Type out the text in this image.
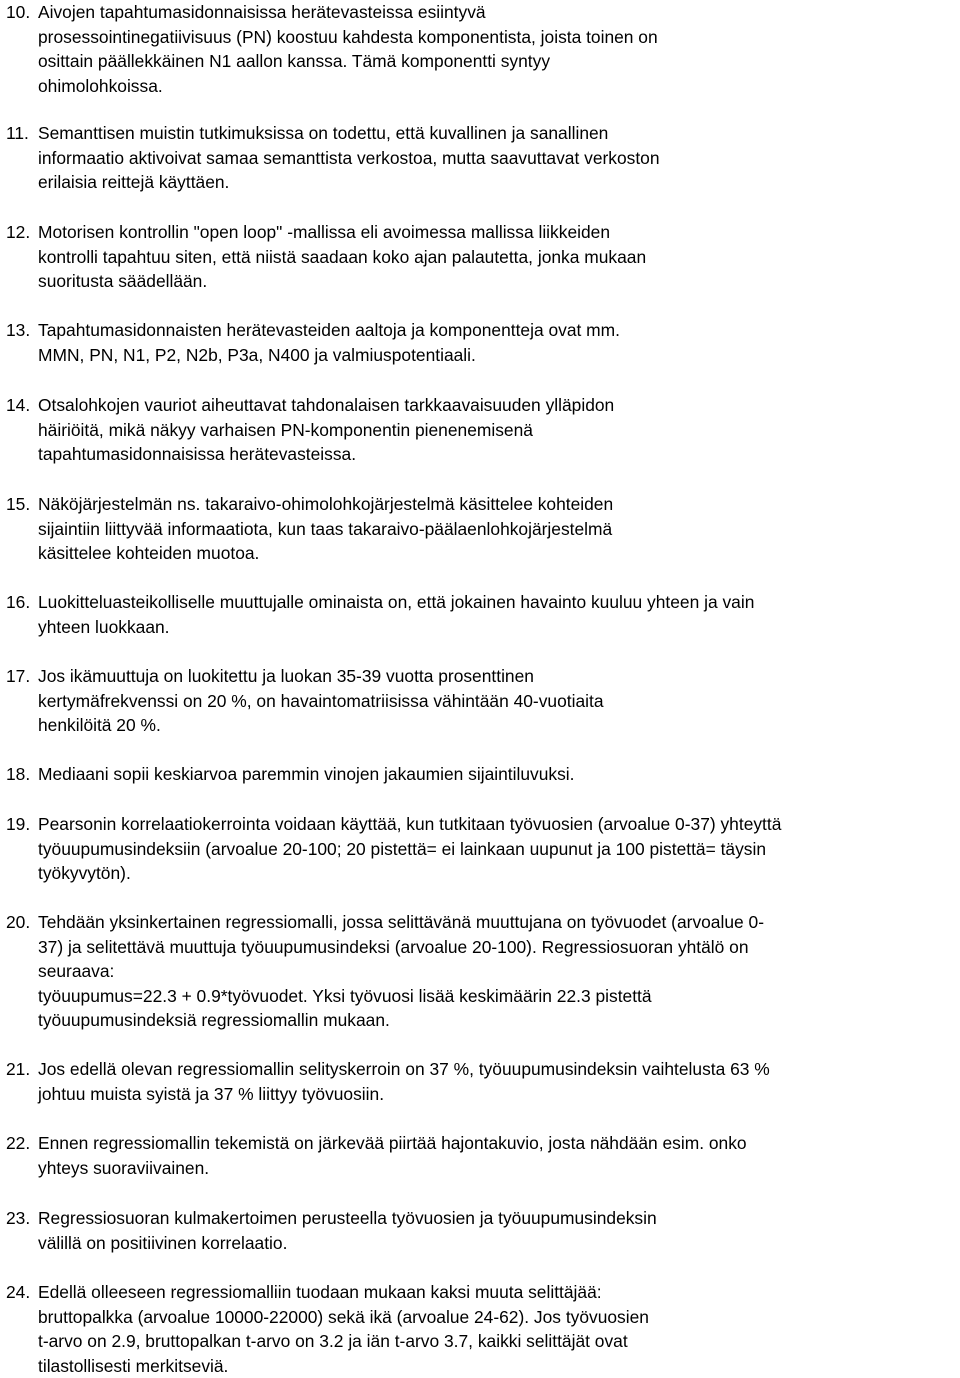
10. Aivojen tapahtumasidonnaisissa herätevasteissa esiintyvä
prosessointinegatiivisuus (PN) koostuu kahdesta komponentista, joista toinen on
osittain päällekkäinen N1 aallon kanssa. Tämä komponentti syntyy
ohimolohkoissa.
11. Semanttisen muistin tutkimuksissa on todettu, että kuvallinen ja sanallinen
informaatio aktivoivat samaa semanttista verkostoa, mutta saavuttavat verkoston
erilaisia reittejä käyttäen.
12. Motorisen kontrollin "open loop" -mallissa eli avoimessa mallissa liikkeiden
kontrolli tapahtuu siten, että niistä saadaan koko ajan palautetta, jonka mukaan
suoritusta säädellään.
13. Tapahtumasidonnaisten herätevasteiden aaltoja ja komponentteja ovat mm.
MMN, PN, N1, P2, N2b, P3a, N400 ja valmiuspotentiaali.
14. Otsalohkojen vauriot aiheuttavat tahdonalaisen tarkkaavaisuuden ylläpidon
häiriöitä, mikä näkyy varhaisen PN-komponentin pienenemisenä
tapahtumasidonnaisissa herätevasteissa.
15. Näköjärjestelmän ns. takaraivo-ohimolohkojärjestelmä käsittelee kohteiden
sijaintiin liittyvää informaatiota, kun taas takaraivo-päälaenlohkojärjestelmä
käsittelee kohteiden muotoa.
16. Luokitteluasteikolliselle muuttujalle ominaista on, että jokainen havainto kuuluu yhteen ja vain
yhteen luokkaan.
17. Jos ikämuuttuja on luokitettu ja luokan 35-39 vuotta prosenttinen
kertymäfrekvenssi on 20 %, on havaintomatriisissa vähintään 40-vuotiaita
henkilöitä 20 %.
18. Mediaani sopii keskiarvoa paremmin vinojen jakaumien sijaintiluvuksi.
19. Pearsonin korrelaatiokerrointa voidaan käyttää, kun tutkitaan työvuosien (arvoalue 0-37) yhteyttä
työuupumusindeksiin (arvoalue 20-100; 20 pistettä= ei lainkaan uupunut ja 100 pistettä= täysin
työkyvytön).
20. Tehdään yksinkertainen regressiomalli, jossa selittävänä muuttujana on työvuodet (arvoalue 0-
37) ja selitettävä muuttuja työuupumusindeksi (arvoalue 20-100). Regressiosuoran yhtälö on
seuraava:
työuupumus=22.3 + 0.9*työvuodet. Yksi työvuosi lisää keskimäärin 22.3 pistettä
työuupumusindeksiä regressiomallin mukaan.
21. Jos edellä olevan regressiomallin selityskerroin on 37 %, työuupumusindeksin vaihtelusta 63 %
johtuu muista syistä ja 37 % liittyy työvuosiin.
22. Ennen regressiomallin tekemistä on järkevää piirtää hajontakuvio, josta nähdään esim. onko
yhteys suoraviivainen.
23. Regressiosuoran kulmakertoimen perusteella työvuosien ja työuupumusindeksin
välillä on positiivinen korrelaatio.
24. Edellä olleeseen regressiomalliin tuodaan mukaan kaksi muuta selittäjää:
bruttopalkka (arvoalue 10000-22000) sekä ikä (arvoalue 24-62). Jos työvuosien
t-arvo on 2.9, bruttopalkan t-arvo on 3.2 ja iän t-arvo 3.7, kaikki selittäjät ovat
tilastollisesti merkitseviä.
